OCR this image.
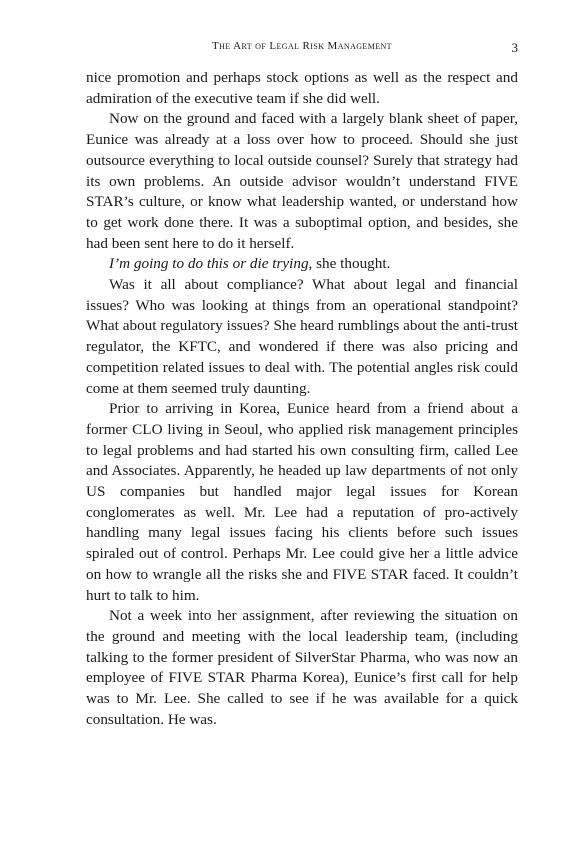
The Art of Legal Risk Management	3

nice promotion and perhaps stock options as well as the respect and admiration of the executive team if she did well.

Now on the ground and faced with a largely blank sheet of paper, Eunice was already at a loss over how to proceed. Should she just outsource everything to local outside counsel? Surely that strategy had its own problems. An outside advisor wouldn’t understand FIVE STAR’s culture, or know what leadership wanted, or understand how to get work done there. It was a suboptimal option, and besides, she had been sent here to do it herself.

I’m going to do this or die trying, she thought.

Was it all about compliance? What about legal and financial issues? Who was looking at things from an operational standpoint? What about regulatory issues? She heard rumblings about the anti-trust regulator, the KFTC, and wondered if there was also pricing and competition related issues to deal with. The potential angles risk could come at them seemed truly daunting.

Prior to arriving in Korea, Eunice heard from a friend about a former CLO living in Seoul, who applied risk management principles to legal problems and had started his own consulting firm, called Lee and Associates. Apparently, he headed up law departments of not only US companies but handled major legal issues for Korean conglomerates as well. Mr. Lee had a reputation of pro-actively handling many legal issues facing his clients before such issues spiraled out of control. Perhaps Mr. Lee could give her a little advice on how to wrangle all the risks she and FIVE STAR faced. It couldn’t hurt to talk to him.

Not a week into her assignment, after reviewing the situation on the ground and meeting with the local leadership team, (including talking to the former president of SilverStar Pharma, who was now an employee of FIVE STAR Pharma Korea), Eunice’s first call for help was to Mr. Lee. She called to see if he was available for a quick consultation. He was.
